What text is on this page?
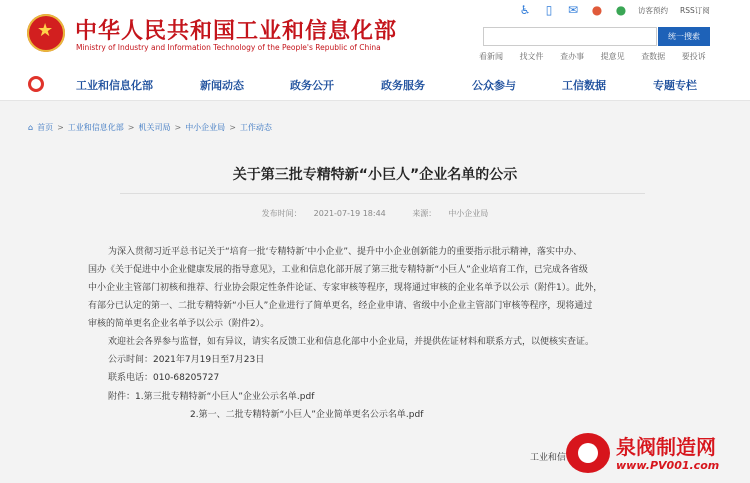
★
中华人民共和国工业和信息化部
Ministry of Industry and Information Technology of the People's Republic of China
♿	▯	✉ ● ● 访客预约 RSS订阅
统一搜索
看新闻 找文件 查办事 提意见 查数据 要投诉
工业和信息化部	新闻动态	政务公开	政务服务	公众参与	工信数据	专题专栏
⌂ 首页 > 工业和信息化部 > 机关司局 > 中小企业局 > 工作动态
关于第三批专精特新“小巨人”企业名单的公示
发布时间： 2021-07-19 18:44	来源： 中小企业局
为深入贯彻习近平总书记关于“培育一批‘专精特新’中小企业”、提升中小企业创新能力的重要指示批示精神，落实中办、
国办《关于促进中小企业健康发展的指导意见》，工业和信息化部开展了第三批专精特新“小巨人”企业培育工作，已完成各省级
中小企业主管部门初核和推荐、行业协会限定性条件论证、专家审核等程序，现将通过审核的企业名单予以公示（附件1）。此外，
有部分已认定的第一、二批专精特新“小巨人”企业进行了简单更名，经企业申请、省级中小企业主管部门审核等程序，现将通过
审核的简单更名企业名单予以公示（附件2）。
欢迎社会各界参与监督，如有异议，请实名反馈工业和信息化部中小企业局，并提供佐证材料和联系方式，以便核实查证。
公示时间：2021年7月19日至7月23日
联系电话：010-68205727
附件：1.第三批专精特新“小巨人”企业公示名单.pdf
2.第一、二批专精特新“小巨人”企业简单更名公示名单.pdf
工业和信 泉阀制造网
www.PV001.com
